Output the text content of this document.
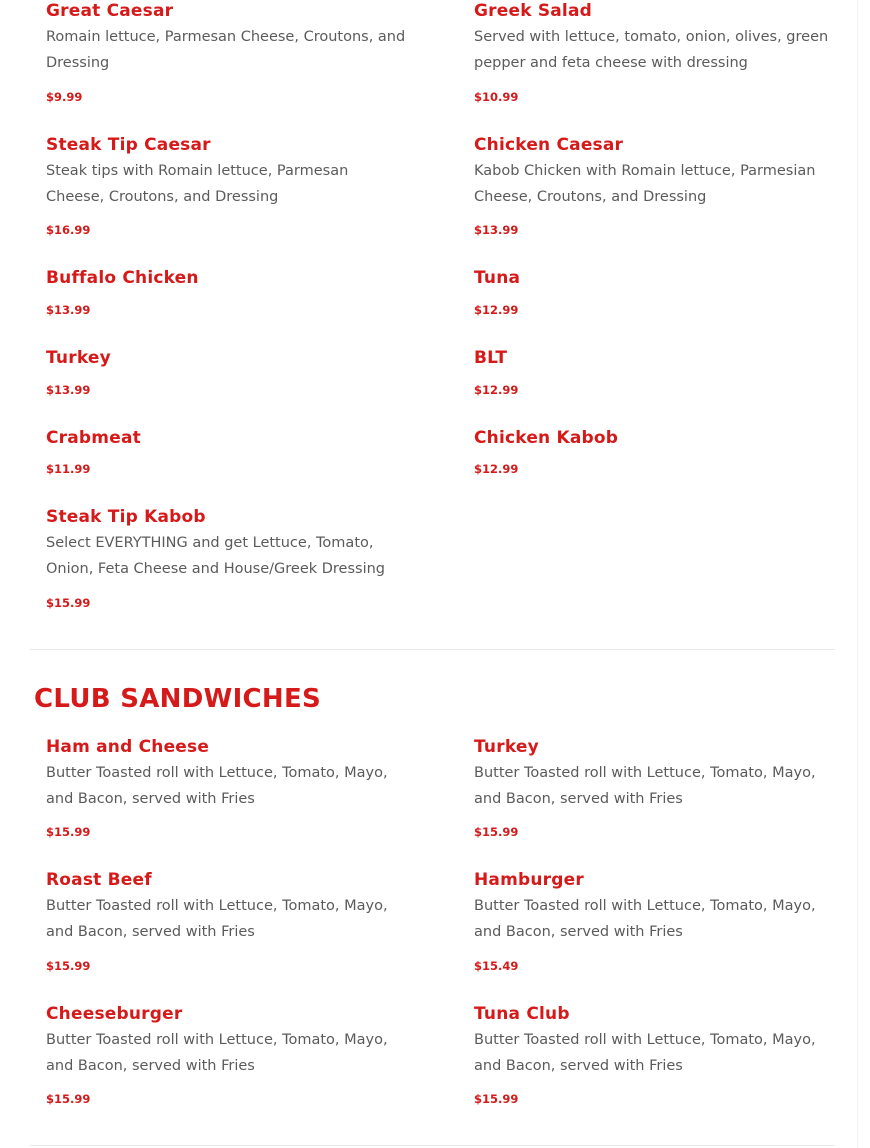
Great Caesar
Romain lettuce, Parmesan Cheese, Croutons, and Dressing
$9.99
Greek Salad
Served with lettuce, tomato, onion, olives, green pepper and feta cheese with dressing
$10.99
Steak Tip Caesar
Steak tips with Romain lettuce, Parmesan Cheese, Croutons, and Dressing
$16.99
Chicken Caesar
Kabob Chicken with Romain lettuce, Parmesian Cheese, Croutons, and Dressing
$13.99
Buffalo Chicken
$13.99
Tuna
$12.99
Turkey
$13.99
BLT
$12.99
Crabmeat
$11.99
Chicken Kabob
$12.99
Steak Tip Kabob
Select EVERYTHING and get Lettuce, Tomato, Onion, Feta Cheese and House/Greek Dressing
$15.99
CLUB SANDWICHES
Ham and Cheese
Butter Toasted roll with Lettuce, Tomato, Mayo, and Bacon, served with Fries
$15.99
Turkey
Butter Toasted roll with Lettuce, Tomato, Mayo, and Bacon, served with Fries
$15.99
Roast Beef
Butter Toasted roll with Lettuce, Tomato, Mayo, and Bacon, served with Fries
$15.99
Hamburger
Butter Toasted roll with Lettuce, Tomato, Mayo, and Bacon, served with Fries
$15.49
Cheeseburger
Butter Toasted roll with Lettuce, Tomato, Mayo, and Bacon, served with Fries
$15.99
Tuna Club
Butter Toasted roll with Lettuce, Tomato, Mayo, and Bacon, served with Fries
$15.99
